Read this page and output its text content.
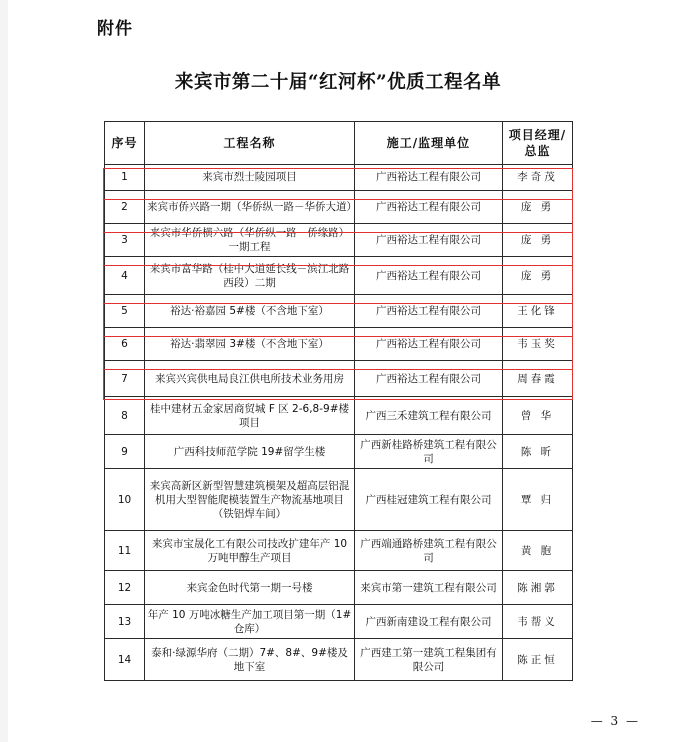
附件
来宾市第二十届“红河杯”优质工程名单
序号	工程名称	施工/监理单位	项目经理/总监
1	来宾市烈士陵园项目	广西裕达工程有限公司	李奇茂
2	来宾市侨兴路一期（华侨纵一路－华侨大道）	广西裕达工程有限公司	庞 勇
3	来宾市华侨横六路（华侨纵一路－侨缘路）一期工程	广西裕达工程有限公司	庞 勇
4	来宾市富华路（桂中大道延长线－滨江北路西段）二期	广西裕达工程有限公司	庞 勇
5	裕达·裕嘉园 5#楼（不含地下室）	广西裕达工程有限公司	王化锋
6	裕达·翡翠园 3#楼（不含地下室）	广西裕达工程有限公司	韦玉奖
7	来宾兴宾供电局良江供电所技术业务用房	广西裕达工程有限公司	周春霞
8	桂中建材五金家居商贸城 F 区 2-6,8-9#楼项目	广西三禾建筑工程有限公司	曾 华
9	广西科技师范学院 19#留学生楼	广西新桂路桥建筑工程有限公司	陈 昕
10	来宾高新区新型智慧建筑模架及超高层铝混机用大型智能爬模装置生产物流基地项目（铁铝焊车间）	广西桂冠建筑工程有限公司	覃 归
11	来宾市宝晟化工有限公司技改扩建年产 10 万吨甲醇生产项目	广西端通路桥建筑工程有限公司	黄 胞
12	来宾金色时代第一期一号楼	来宾市第一建筑工程有限公司	陈湘郭
13	年产 10 万吨冰糖生产加工项目第一期（1#仓库）	广西新南建设工程有限公司	韦帮义
14	泰和·绿源华府（二期）7#、8#、9#楼及地下室	广西建工第一建筑工程集团有限公司	陈正恒
— 3 —
